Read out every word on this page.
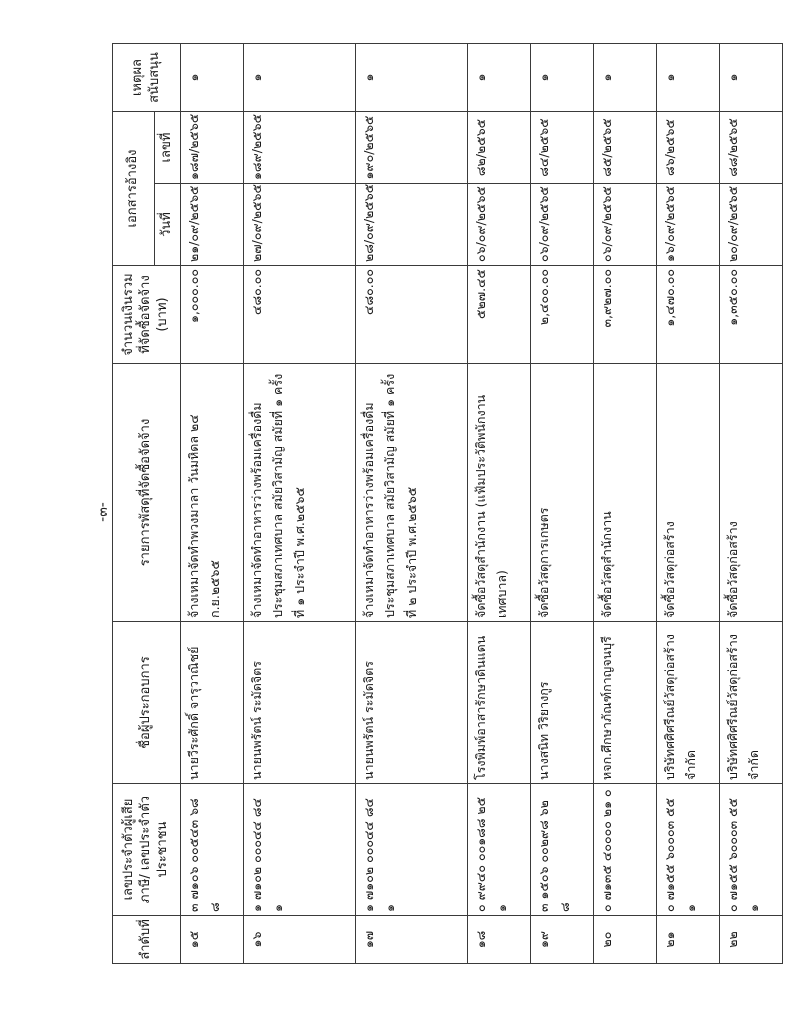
-๓-
ลำดับที่	เลขประจำตัวผู้เสียภาษี/ เลขประจำตัวประชาชน	ชื่อผู้ประกอบการ	รายการพัสดุที่จัดซื้อจัดจ้าง	จำนวนเงินรวม ที่จัดซื้อจัดจ้าง (บาท)	เอกสารอ้างอิง		เหตุผล สนับสนุน
					วันที่	เลขที่	
๑๕	๓ ๗๑๐๖ ๐๐๕๔๓ ๖๘ ๘	นายวีระศักดิ์ จารุวาณิชย์	จ้างเหมาจัดทำพวงมาลา วันมหิดล ๒๔ ก.ย.๒๕๖๕	๑,๐๐๐.๐๐	๒๑/๐๙/๒๕๖๕	๑๘๗/๒๕๖๕	๑
๑๖	๑ ๗๑๐๒ ๐๐๐๔๔ ๘๔ ๑	นายนพรัตน์ ระมัดจิตร	จ้างเหมาจัดทำอาหารว่างพร้อมเครื่องดื่ม ประชุมสภาเทศบาล สมัยวิสามัญ สมัยที่ ๑ ครั้งที่ ๑ ประจำปี พ.ศ.๒๕๖๕	๔๘๐.๐๐	๒๗/๐๙/๒๕๖๕	๑๘๙/๒๕๖๕	๑
๑๗	๑ ๗๑๐๒ ๐๐๐๔๔ ๘๔ ๑	นายนพรัตน์ ระมัดจิตร	จ้างเหมาจัดทำอาหารว่างพร้อมเครื่องดื่ม ประชุมสภาเทศบาล สมัยวิสามัญ สมัยที่ ๑ ครั้งที่ ๒ ประจำปี พ.ศ.๒๕๖๕	๔๘๐.๐๐	๒๘/๐๙/๒๕๖๕	๑๙๐/๒๕๖๕	๑
๑๘	๐ ๙๙๔๐ ๐๐๑๘๘ ๒๕ ๑	โรงพิมพ์อาสารักษาดินแดน	จัดซื้อวัสดุสำนักงาน (แฟ้มประวัติพนักงานเทศบาล)	๕๒๗.๔๕	๐๖/๐๙/๒๕๖๕	๘๒/๒๕๖๕	๑
๑๙	๓ ๑๕๐๖ ๐๐๒๙๘ ๖๒ ๘	นางสนิท วิริยางกูร	จัดซื้อวัสดุการเกษตร	๒,๔๐๐.๐๐	๐๖/๐๙/๒๕๖๕	๘๔/๒๕๖๕	๑
๒๐	๐ ๗๑๓๕ ๔๐๐๐๐ ๒๑ ๐	หจก.ศึกษาภัณฑ์กาญจนบุรี	จัดซื้อวัสดุสำนักงาน	๓,๙๒๗.๐๐	๐๖/๐๙/๒๕๖๕	๘๕/๒๕๖๕	๑
๒๑	๐ ๗๑๕๕ ๖๐๐๐๓ ๕๕ ๑	บริษัทศศิศรีณย์วัสดุก่อสร้าง จำกัด	จัดซื้อวัสดุก่อสร้าง	๑,๔๗๐.๐๐	๑๖/๐๙/๒๕๖๕	๘๖/๒๕๖๕	๑
๒๒	๐ ๗๑๕๕ ๖๐๐๐๓ ๕๕ ๑	บริษัทศศิศรีณย์วัสดุก่อสร้าง จำกัด	จัดซื้อวัสดุก่อสร้าง	๑,๓๕๐.๐๐	๒๐/๐๙/๒๕๖๕	๘๘/๒๕๖๕	๑
